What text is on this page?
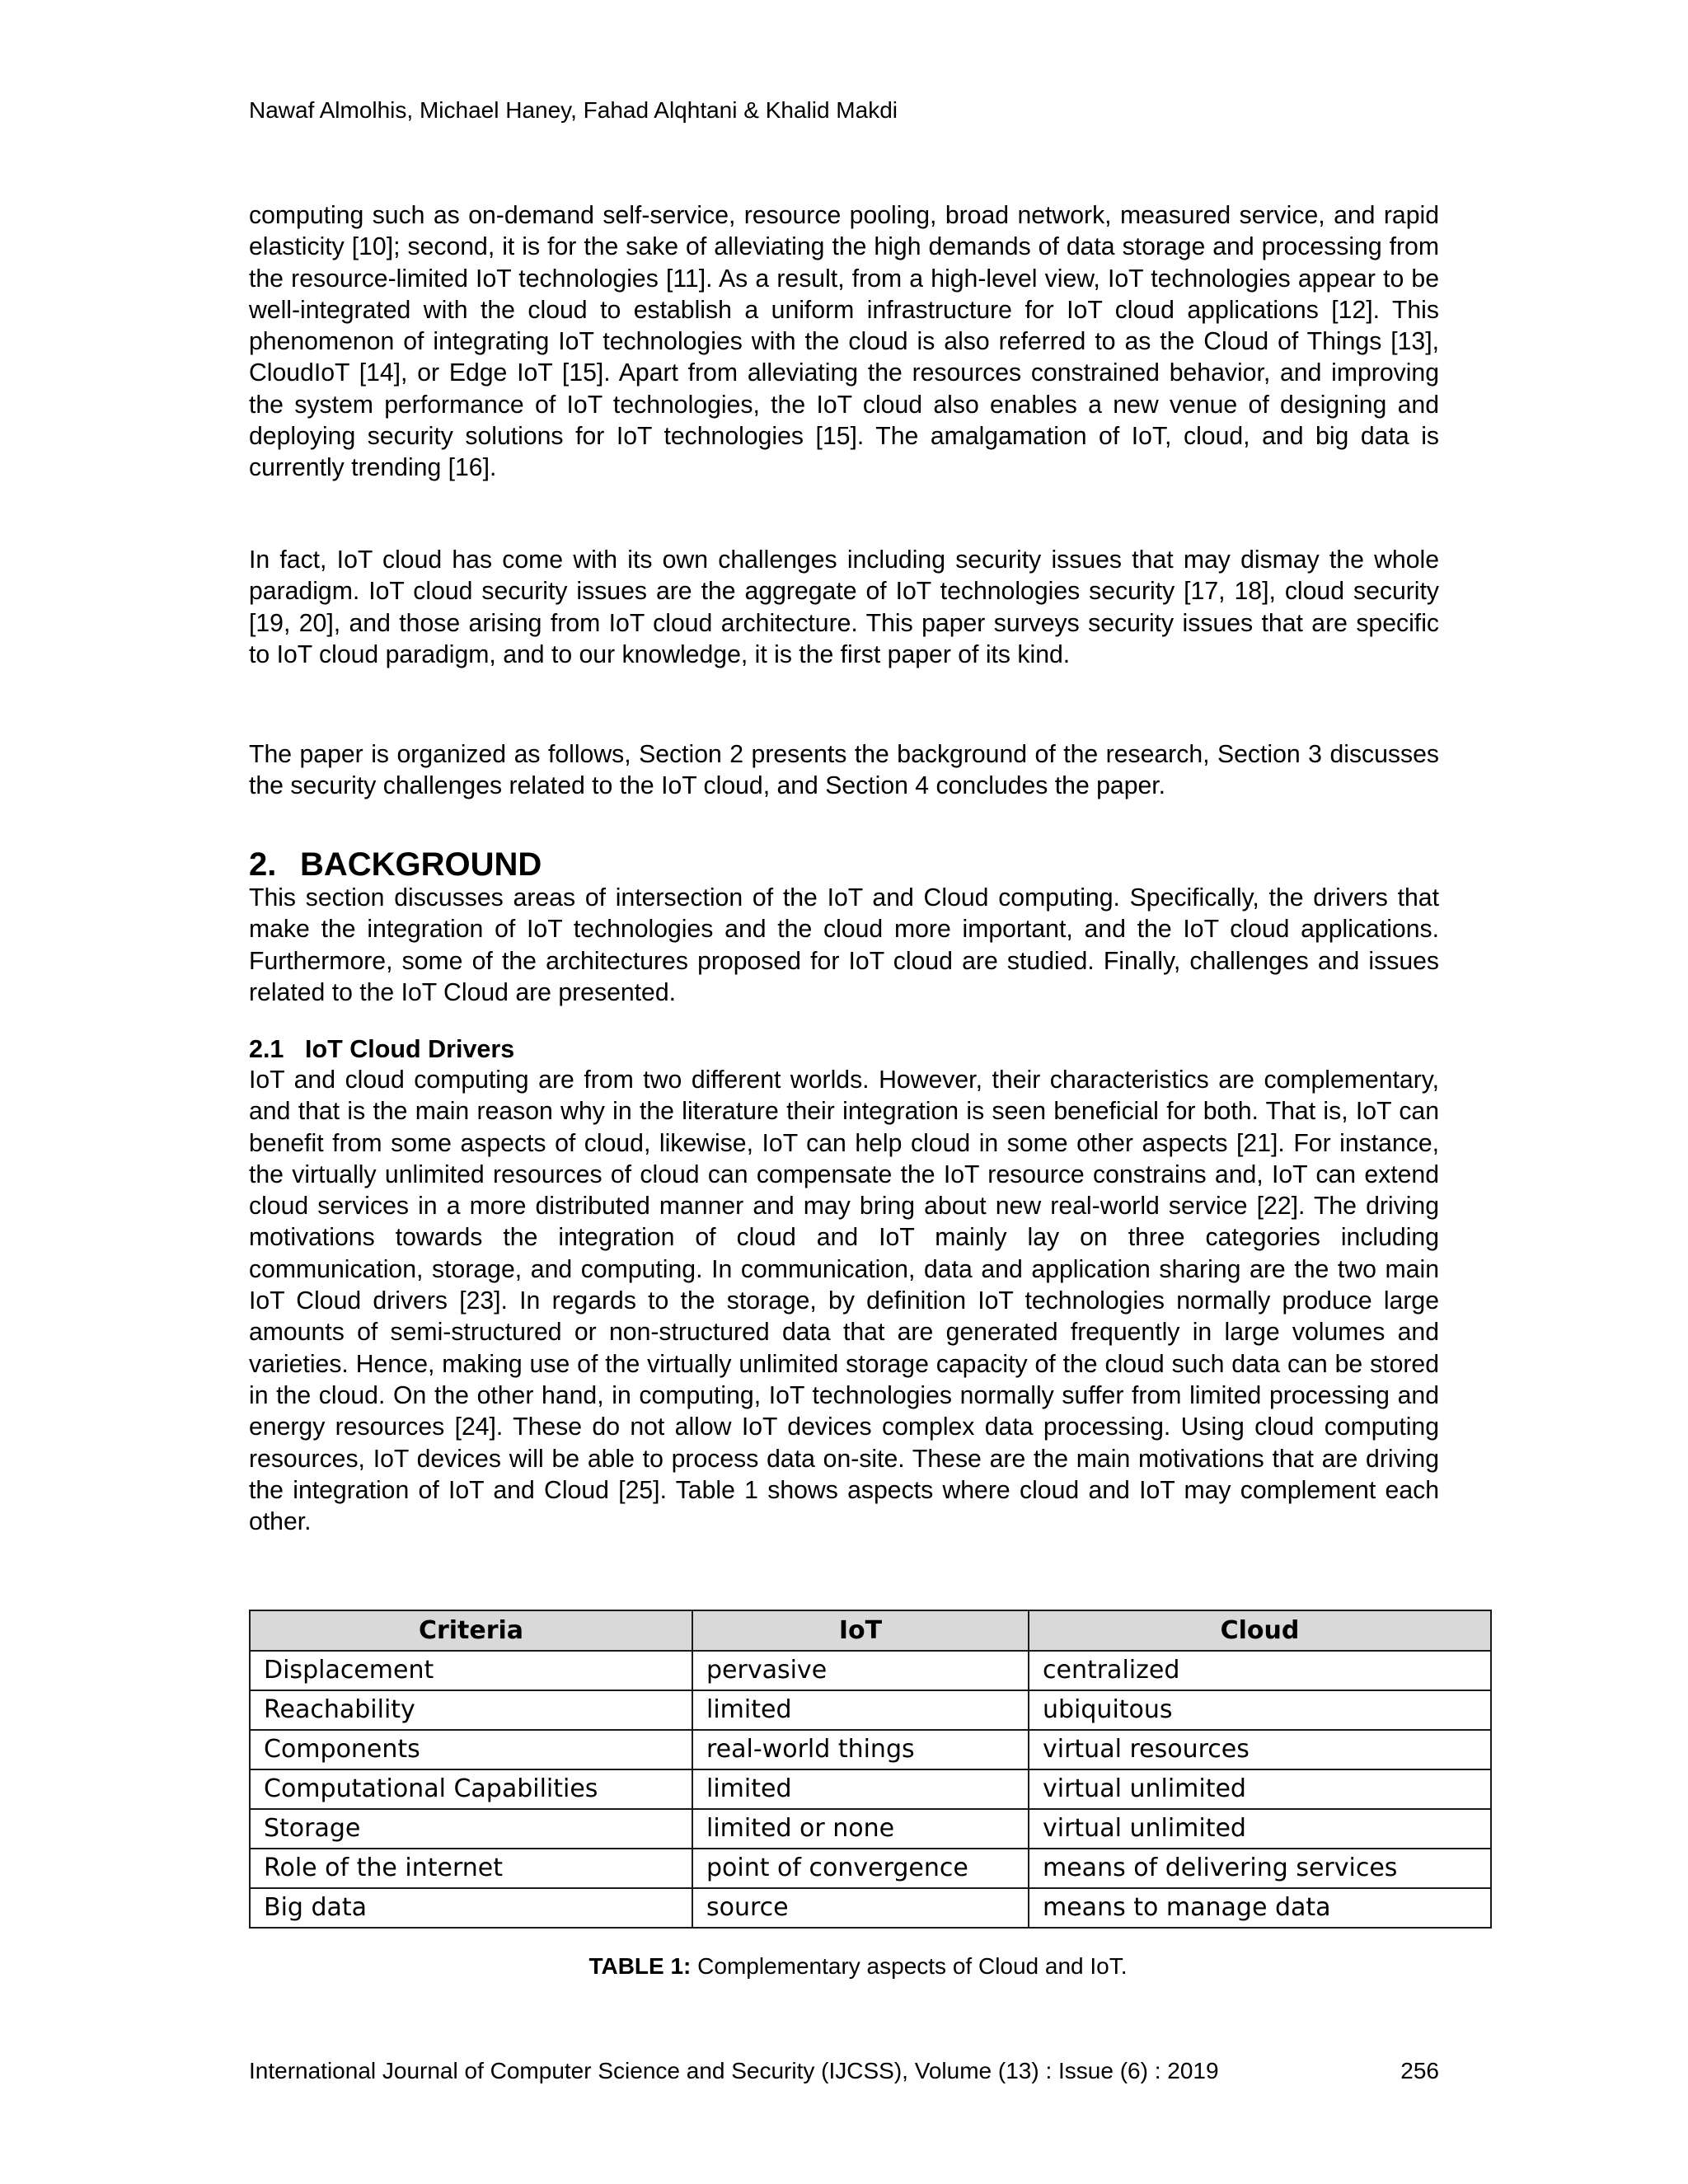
Nawaf Almolhis, Michael Haney, Fahad Alqhtani & Khalid Makdi

computing such as on-demand self-service, resource pooling, broad network, measured service, and rapid elasticity [10]; second, it is for the sake of alleviating the high demands of data storage and processing from the resource-limited IoT technologies [11]. As a result, from a high-level view, IoT technologies appear to be well-integrated with the cloud to establish a uniform infrastructure for IoT cloud applications [12]. This phenomenon of integrating IoT technologies with the cloud is also referred to as the Cloud of Things [13], CloudIoT [14], or Edge IoT [15]. Apart from alleviating the resources constrained behavior, and improving the system performance of IoT technologies, the IoT cloud also enables a new venue of designing and deploying security solutions for IoT technologies [15]. The amalgamation of IoT, cloud, and big data is currently trending [16].

In fact, IoT cloud has come with its own challenges including security issues that may dismay the whole paradigm. IoT cloud security issues are the aggregate of IoT technologies security [17, 18], cloud security [19, 20], and those arising from IoT cloud architecture. This paper surveys security issues that are specific to IoT cloud paradigm, and to our knowledge, it is the first paper of its kind.

The paper is organized as follows, Section 2 presents the background of the research, Section 3 discusses the security challenges related to the IoT cloud, and Section 4 concludes the paper.

2. BACKGROUND

This section discusses areas of intersection of the IoT and Cloud computing. Specifically, the drivers that make the integration of IoT technologies and the cloud more important, and the IoT cloud applications. Furthermore, some of the architectures proposed for IoT cloud are studied. Finally, challenges and issues related to the IoT Cloud are presented.

2.1 IoT Cloud Drivers

IoT and cloud computing are from two different worlds. However, their characteristics are complementary, and that is the main reason why in the literature their integration is seen beneficial for both. That is, IoT can benefit from some aspects of cloud, likewise, IoT can help cloud in some other aspects [21]. For instance, the virtually unlimited resources of cloud can compensate the IoT resource constrains and, IoT can extend cloud services in a more distributed manner and may bring about new real-world service [22]. The driving motivations towards the integration of cloud and IoT mainly lay on three categories including communication, storage, and computing. In communication, data and application sharing are the two main IoT Cloud drivers [23]. In regards to the storage, by definition IoT technologies normally produce large amounts of semi-structured or non-structured data that are generated frequently in large volumes and varieties. Hence, making use of the virtually unlimited storage capacity of the cloud such data can be stored in the cloud. On the other hand, in computing, IoT technologies normally suffer from limited processing and energy resources [24]. These do not allow IoT devices complex data processing. Using cloud computing resources, IoT devices will be able to process data on-site. These are the main motivations that are driving the integration of IoT and Cloud [25]. Table 1 shows aspects where cloud and IoT may complement each other.

Criteria	IoT	Cloud
Displacement	pervasive	centralized
Reachability	limited	ubiquitous
Components	real-world things	virtual resources
Computational Capabilities	limited	virtual unlimited
Storage	limited or none	virtual unlimited
Role of the internet	point of convergence	means of delivering services
Big data	source	means to manage data
TABLE 1: Complementary aspects of Cloud and IoT.
International Journal of Computer Science and Security (IJCSS), Volume (13) : Issue (6) : 2019	256
